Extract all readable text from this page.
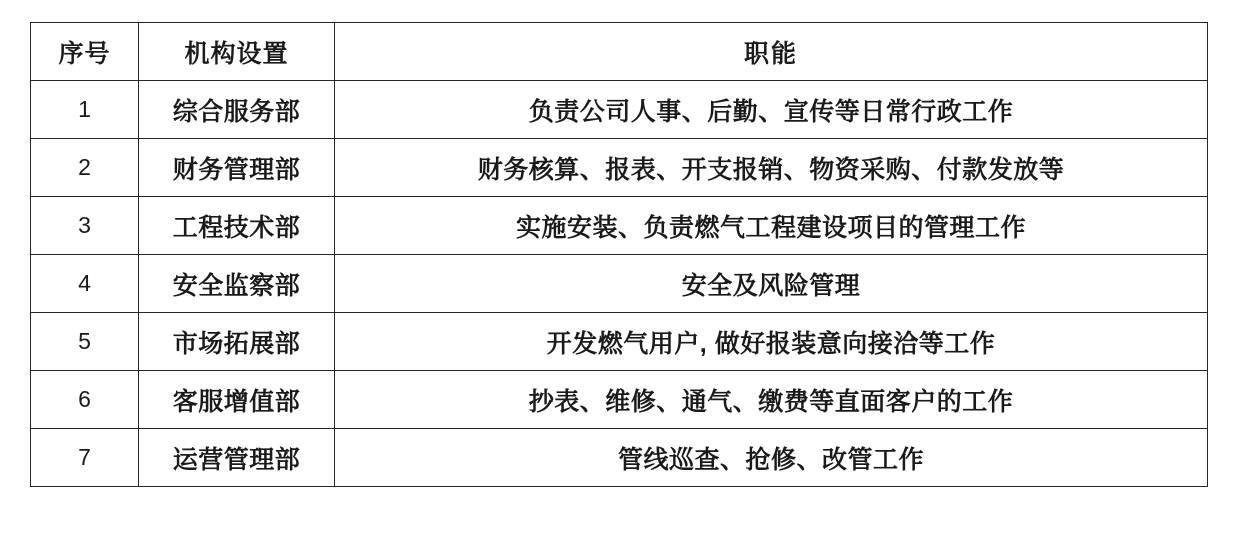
序号	机构设置	职能
1	综合服务部	负责公司人事、后勤、宣传等日常行政工作
2	财务管理部	财务核算、报表、开支报销、物资采购、付款发放等
3	工程技术部	实施安装、负责燃气工程建设项目的管理工作
4	安全监察部	安全及风险管理
5	市场拓展部	开发燃气用户, 做好报装意向接洽等工作
6	客服增值部	抄表、维修、通气、缴费等直面客户的工作
7	运营管理部	管线巡查、抢修、改管工作
